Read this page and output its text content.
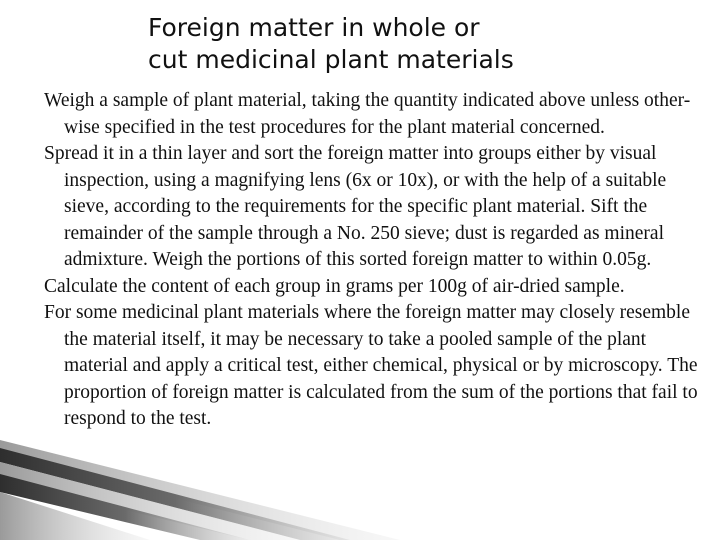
Foreign matter in whole or
cut medicinal plant materials

Weigh a sample of plant material, taking the quantity indicated above unless other-wise specified in the test procedures for the plant material concerned.

Spread it in a thin layer and sort the foreign matter into groups either by visual inspection, using a magnifying lens (6x or 10x), or with the help of a suitable sieve, according to the requirements for the specific plant material. Sift the remainder of the sample through a No. 250 sieve; dust is regarded as mineral admixture. Weigh the portions of this sorted foreign matter to within 0.05g.

Calculate the content of each group in grams per 100g of air-dried sample.

For some medicinal plant materials where the foreign matter may closely resemble the material itself, it may be necessary to take a pooled sample of the plant material and apply a critical test, either chemical, physical or by microscopy. The proportion of foreign matter is calculated from the sum of the portions that fail to respond to the test.
